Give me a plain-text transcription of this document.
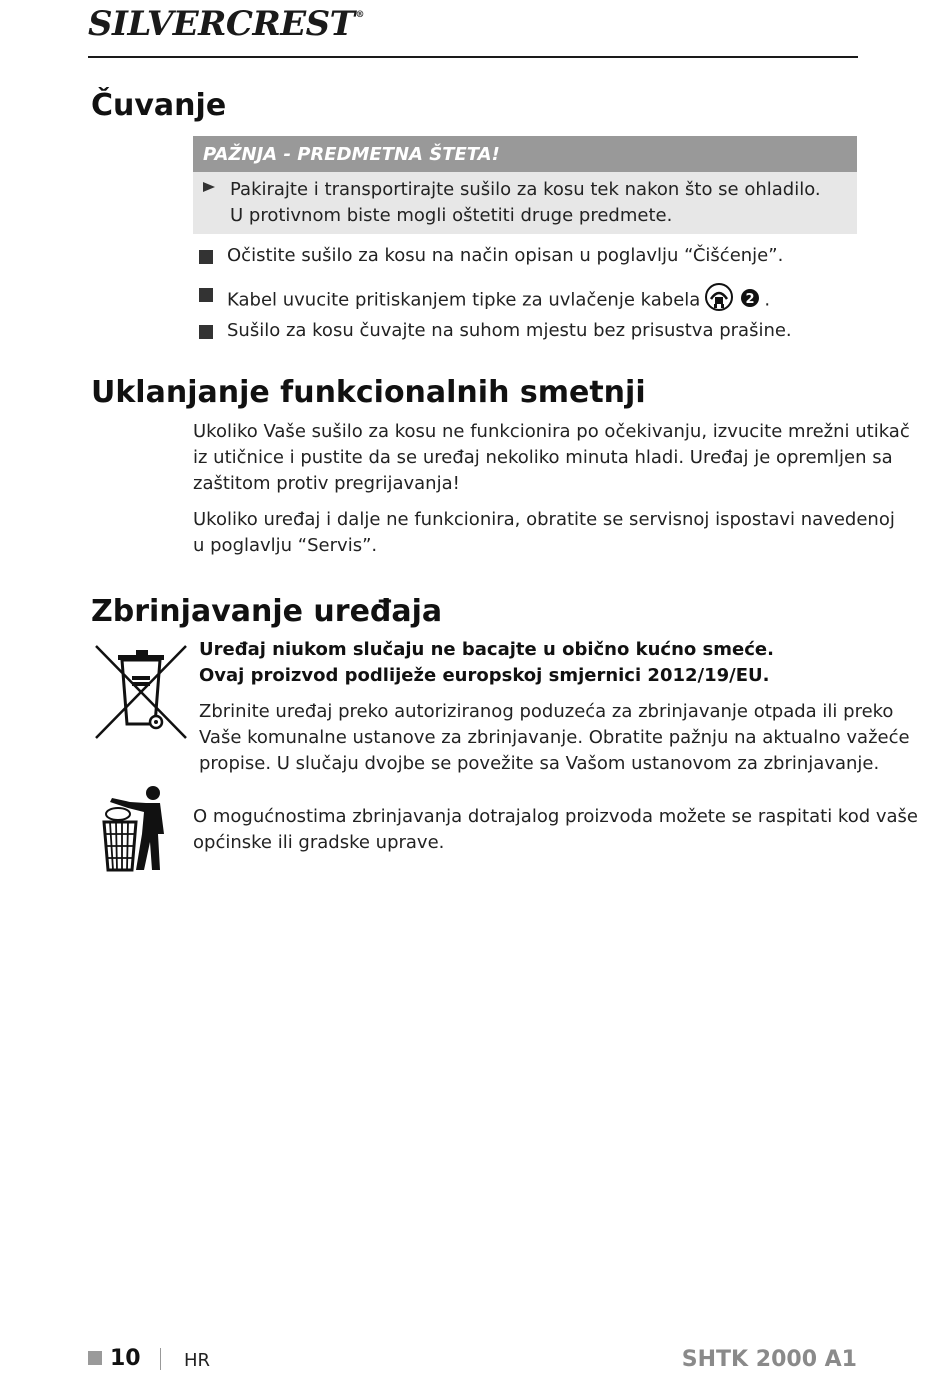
SILVERCREST®
Čuvanje
PAŽNJA - PREDMETNA ŠTETA!
Pakirajte i transportirajte sušilo za kosu tek nakon što se ohladilo.
U protivnom biste mogli oštetiti druge predmete.
Očistite sušilo za kosu na način opisan u poglavlju “Čišćenje”.
Kabel uvucite pritiskanjem tipke za uvlačenje kabela	2 .
Sušilo za kosu čuvajte na suhom mjestu bez prisustva prašine.
Uklanjanje funkcionalnih smetnji
Ukoliko Vaše sušilo za kosu ne funkcionira po očekivanju, izvucite mrežni utikač
iz utičnice i pustite da se uređaj nekoliko minuta hladi. Uređaj je opremljen sa
zaštitom protiv pregrijavanja!
Ukoliko uređaj i dalje ne funkcionira, obratite se servisnoj ispostavi navedenoj
u poglavlju “Servis”.
Zbrinjavanje uređaja
Uređaj niukom slučaju ne bacajte u obično kućno smeće.
Ovaj proizvod podliježe europskoj smjernici 2012/19/EU.
Zbrinite uređaj preko autoriziranog poduzeća za zbrinjavanje otpada ili preko
Vaše komunalne ustanove za zbrinjavanje. Obratite pažnju na aktualno važeće
propise. U slučaju dvojbe se povežite sa Vašom ustanovom za zbrinjavanje.
O mogućnostima zbrinjavanja dotrajalog proizvoda možete se raspitati kod vaše
općinske ili gradske uprave.
10 HR	SHTK 2000 A1
